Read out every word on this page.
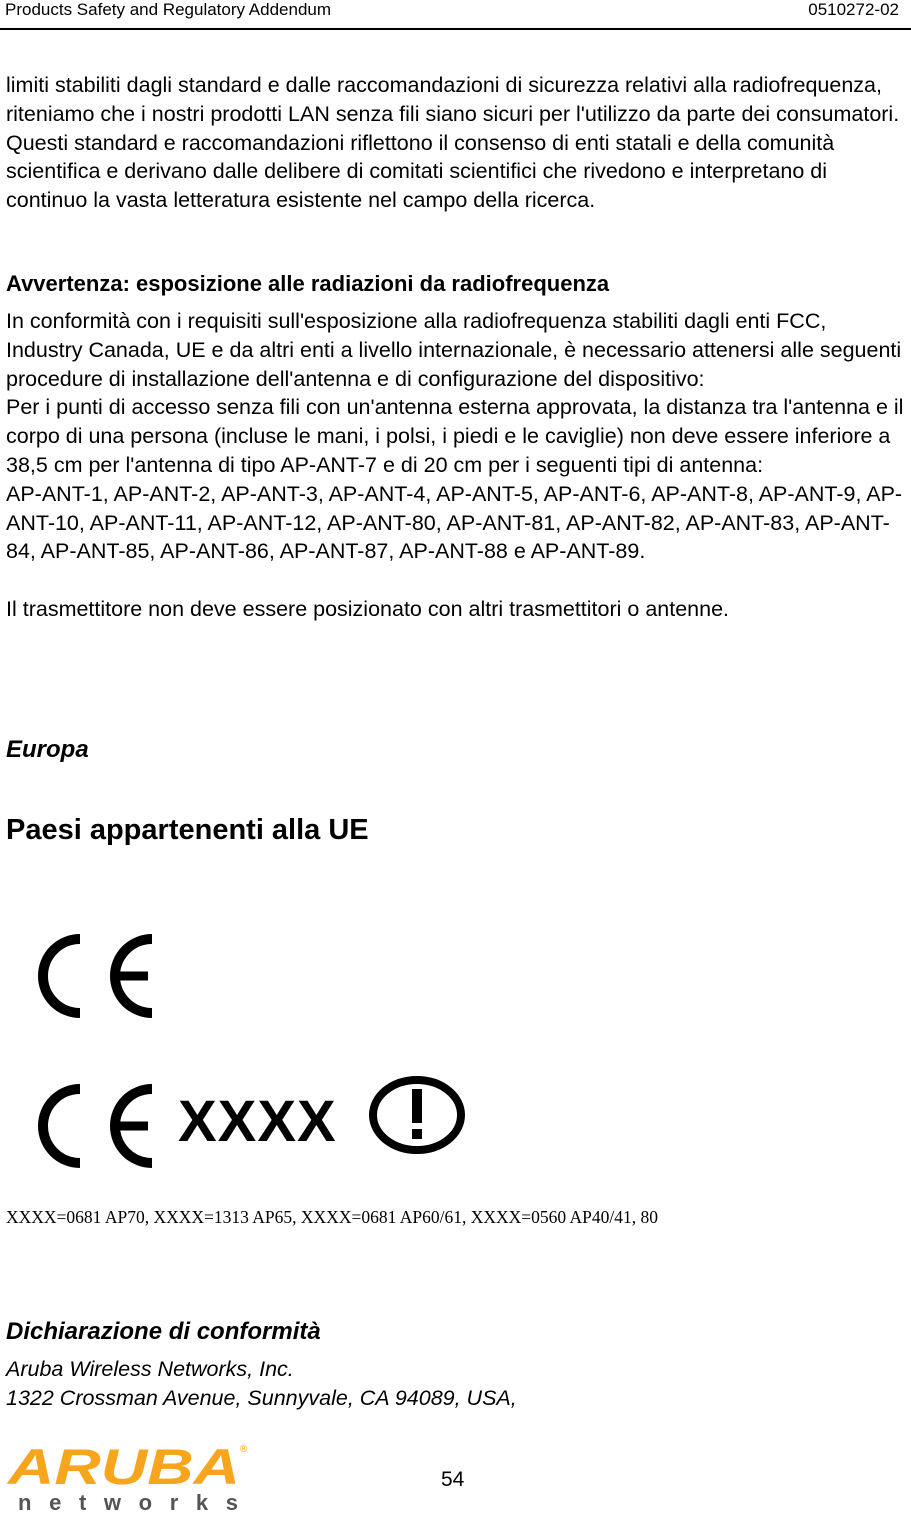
Products Safety and Regulatory Addendum	0510272-02

limiti stabiliti dagli standard e dalle raccomandazioni di sicurezza relativi alla radiofrequenza, riteniamo che i nostri prodotti LAN senza fili siano sicuri per l'utilizzo da parte dei consumatori. Questi standard e raccomandazioni riflettono il consenso di enti statali e della comunità scientifica e derivano dalle delibere di comitati scientifici che rivedono e interpretano di continuo la vasta letteratura esistente nel campo della ricerca.

Avvertenza: esposizione alle radiazioni da radiofrequenza

In conformità con i requisiti sull'esposizione alla radiofrequenza stabiliti dagli enti FCC, Industry Canada, UE e da altri enti a livello internazionale, è necessario attenersi alle seguenti procedure di installazione dell'antenna e di configurazione del dispositivo:

Per i punti di accesso senza fili con un'antenna esterna approvata, la distanza tra l'antenna e il corpo di una persona (incluse le mani, i polsi, i piedi e le caviglie) non deve essere inferiore a 38,5 cm per l'antenna di tipo AP-ANT-7 e di 20 cm per i seguenti tipi di antenna:

AP-ANT-1, AP-ANT-2, AP-ANT-3, AP-ANT-4, AP-ANT-5, AP-ANT-6, AP-ANT-8, AP-ANT-9, AP-ANT-10, AP-ANT-11, AP-ANT-12, AP-ANT-80, AP-ANT-81, AP-ANT-82, AP-ANT-83, AP-ANT-84, AP-ANT-85, AP-ANT-86, AP-ANT-87, AP-ANT-88 e AP-ANT-89.

Il trasmettitore non deve essere posizionato con altri trasmettitori o antenne.

Europa
Paesi appartenenti alla UE
XXXX
XXXX=0681 AP70, XXXX=1313 AP65, XXXX=0681 AP60/61, XXXX=0560 AP40/41, 80
Dichiarazione di conformità
Aruba Wireless Networks, Inc.
1322 Crossman Avenue, Sunnyvale, CA 94089, USA,
ARUBA ®
networks
54
